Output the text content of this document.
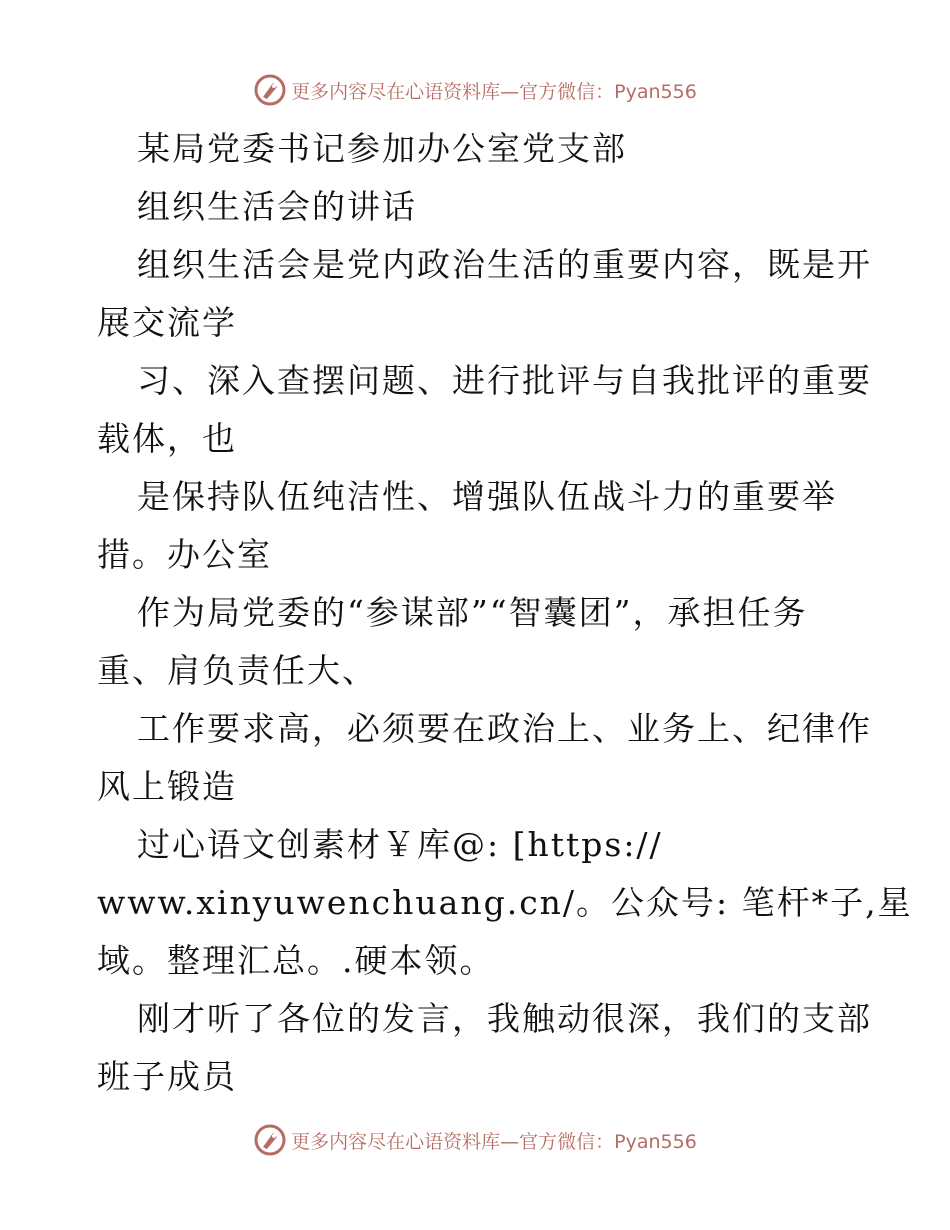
更多内容尽在心语资料库—官方微信：Pyan556
某局党委书记参加办公室党支部
组织生活会的讲话
组织生活会是党内政治生活的重要内容，既是开
展交流学
习、深入查摆问题、进行批评与自我批评的重要
载体，也
是保持队伍纯洁性、增强队伍战斗力的重要举
措。办公室
作为局党委的“参谋部”“智囊团”，承担任务
重、肩负责任大、
工作要求高，必须要在政治上、业务上、纪律作
风上锻造
过心语文创素材￥库@: [https://
www.xinyuwenchuang.cn/。公众号: 笔杆*子,星
域。整理汇总。.硬本领。
刚才听了各位的发言，我触动很深，我们的支部
班子成员
更多内容尽在心语资料库—官方微信：Pyan556
